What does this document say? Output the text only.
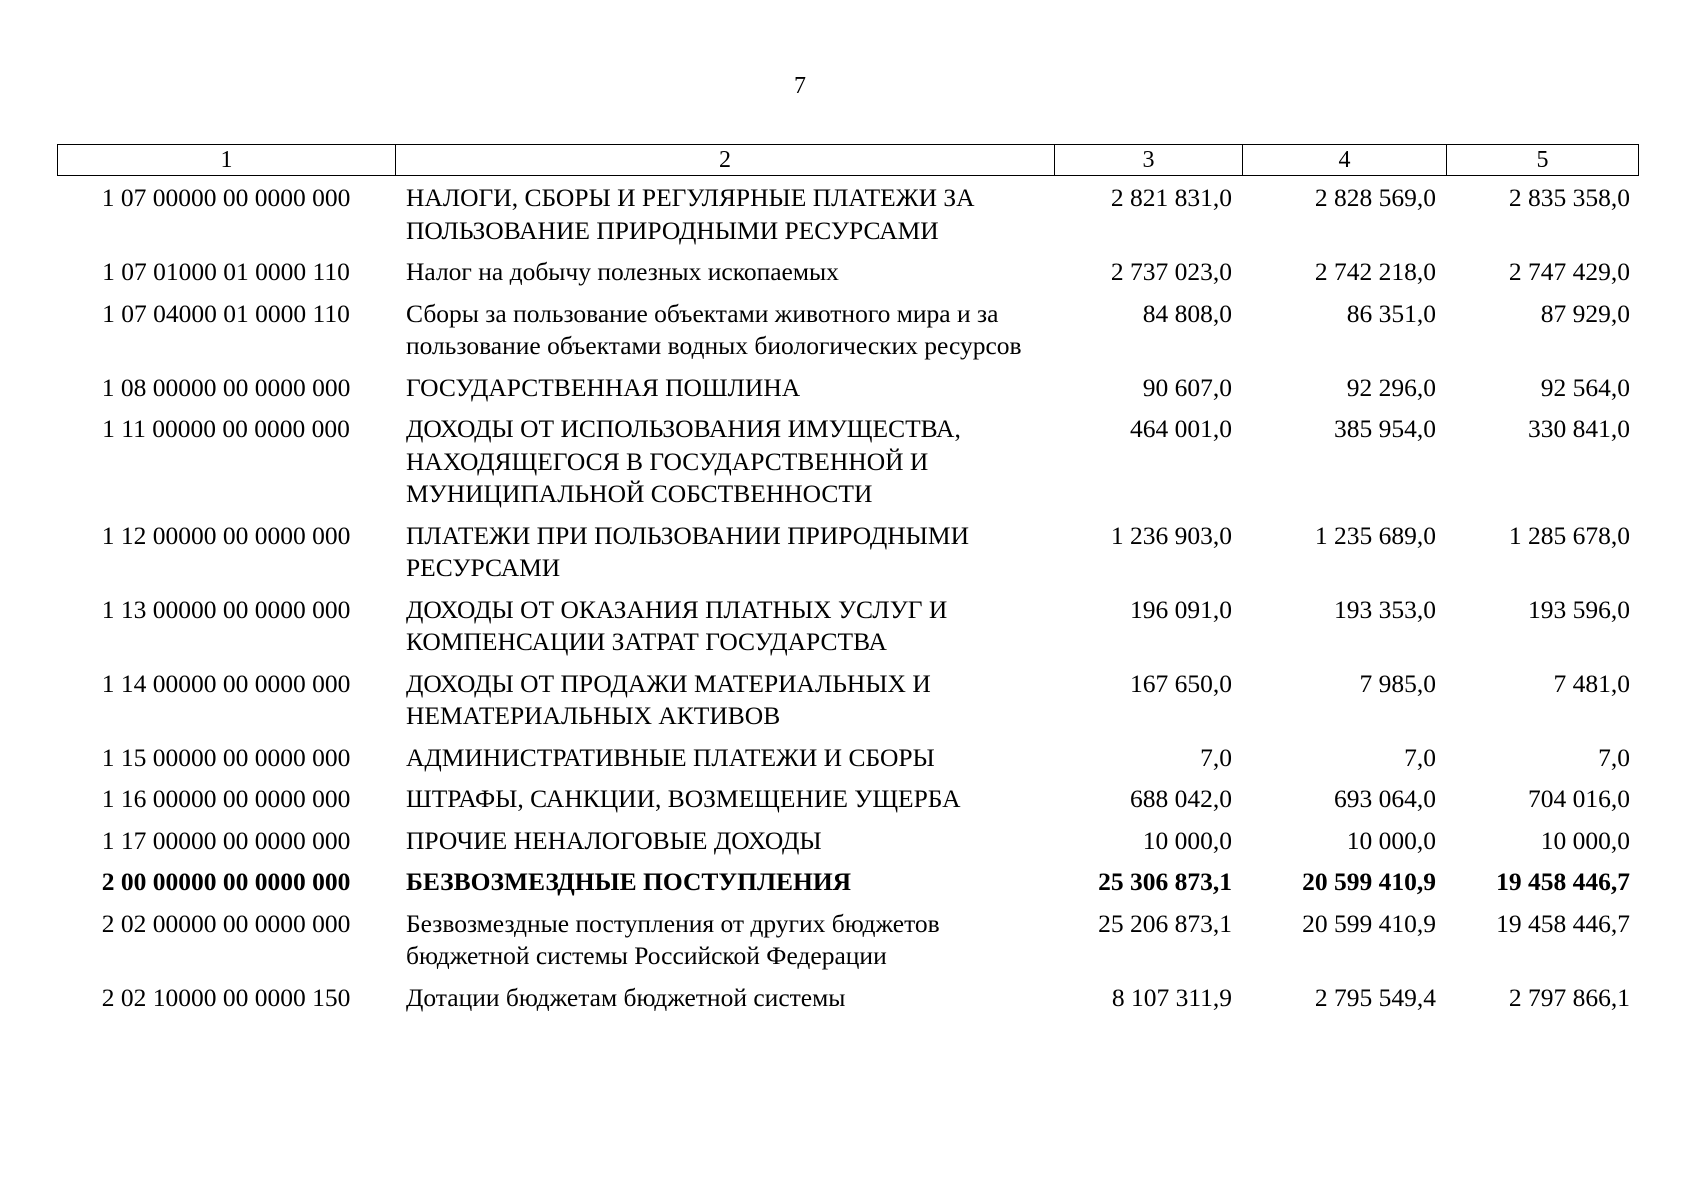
7
1	2	3	4	5
1 07 00000 00 0000 000	НАЛОГИ, СБОРЫ И РЕГУЛЯРНЫЕ ПЛАТЕЖИ ЗА ПОЛЬЗОВАНИЕ ПРИРОДНЫМИ РЕСУРСАМИ	2 821 831,0	2 828 569,0	2 835 358,0
1 07 01000 01 0000 110	Налог на добычу полезных ископаемых	2 737 023,0	2 742 218,0	2 747 429,0
1 07 04000 01 0000 110	Сборы за пользование объектами животного мира и за пользование объектами водных биологических ресурсов	84 808,0	86 351,0	87 929,0
1 08 00000 00 0000 000	ГОСУДАРСТВЕННАЯ ПОШЛИНА	90 607,0	92 296,0	92 564,0
1 11 00000 00 0000 000	ДОХОДЫ ОТ ИСПОЛЬЗОВАНИЯ ИМУЩЕСТВА, НАХОДЯЩЕГОСЯ В ГОСУДАРСТВЕННОЙ И МУНИЦИПАЛЬНОЙ СОБСТВЕННОСТИ	464 001,0	385 954,0	330 841,0
1 12 00000 00 0000 000	ПЛАТЕЖИ ПРИ ПОЛЬЗОВАНИИ ПРИРОДНЫМИ РЕСУРСАМИ	1 236 903,0	1 235 689,0	1 285 678,0
1 13 00000 00 0000 000	ДОХОДЫ ОТ ОКАЗАНИЯ ПЛАТНЫХ УСЛУГ И КОМПЕНСАЦИИ ЗАТРАТ ГОСУДАРСТВА	196 091,0	193 353,0	193 596,0
1 14 00000 00 0000 000	ДОХОДЫ ОТ ПРОДАЖИ МАТЕРИАЛЬНЫХ И НЕМАТЕРИАЛЬНЫХ АКТИВОВ	167 650,0	7 985,0	7 481,0
1 15 00000 00 0000 000	АДМИНИСТРАТИВНЫЕ ПЛАТЕЖИ И СБОРЫ	7,0	7,0	7,0
1 16 00000 00 0000 000	ШТРАФЫ, САНКЦИИ, ВОЗМЕЩЕНИЕ УЩЕРБА	688 042,0	693 064,0	704 016,0
1 17 00000 00 0000 000	ПРОЧИЕ НЕНАЛОГОВЫЕ ДОХОДЫ	10 000,0	10 000,0	10 000,0
2 00 00000 00 0000 000	БЕЗВОЗМЕЗДНЫЕ ПОСТУПЛЕНИЯ	25 306 873,1	20 599 410,9	19 458 446,7
2 02 00000 00 0000 000	Безвозмездные поступления от других бюджетов бюджетной системы Российской Федерации	25 206 873,1	20 599 410,9	19 458 446,7
2 02 10000 00 0000 150	Дотации бюджетам бюджетной системы	8 107 311,9	2 795 549,4	2 797 866,1
